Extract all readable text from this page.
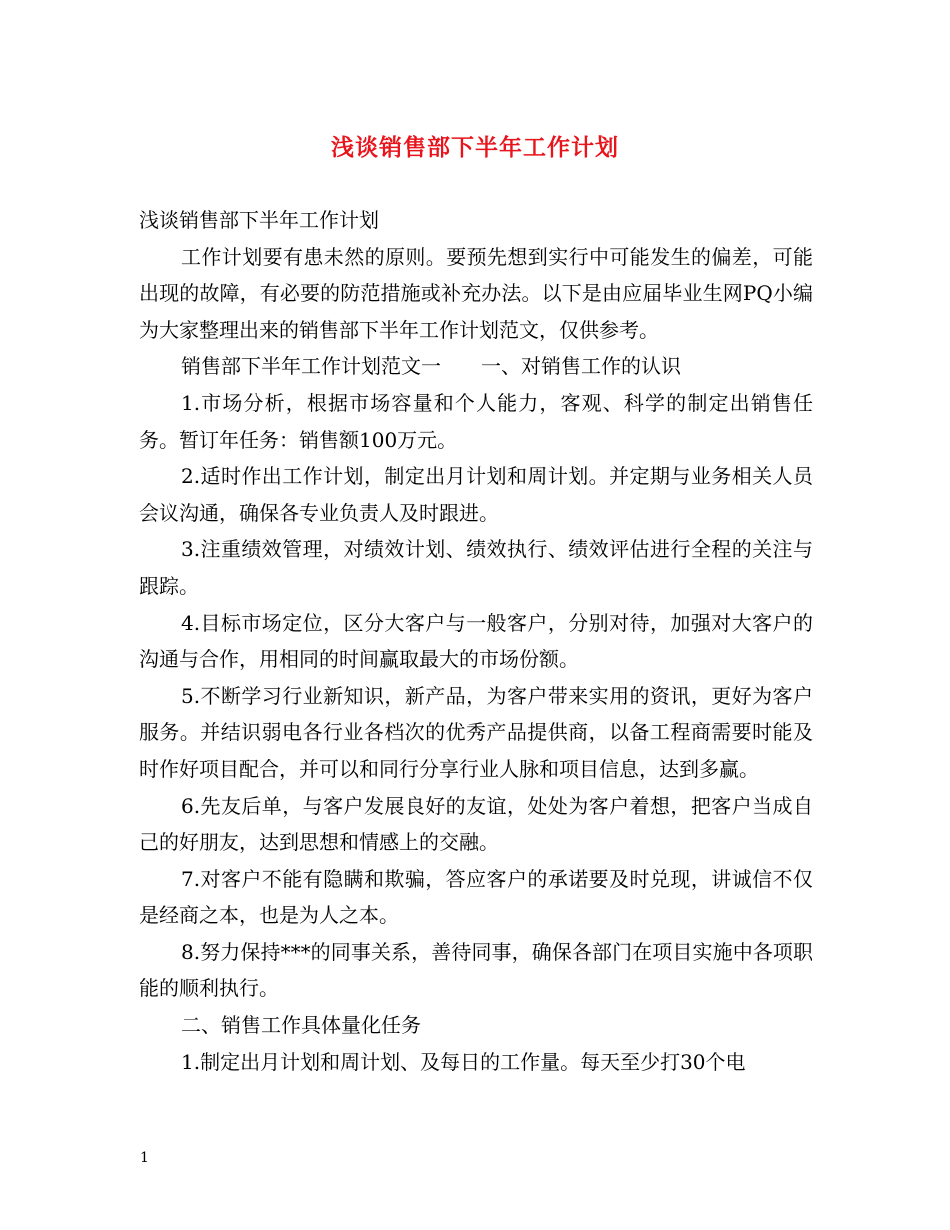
浅谈销售部下半年工作计划

浅谈销售部下半年工作计划

工作计划要有患未然的原则。要预先想到实行中可能发生的偏差，可能出现的故障，有必要的防范措施或补充办法。以下是由应届毕业生网PQ小编为大家整理出来的销售部下半年工作计划范文，仅供参考。

销售部下半年工作计划范文一　　一、对销售工作的认识

1.市场分析，根据市场容量和个人能力，客观、科学的制定出销售任务。暂订年任务：销售额100万元。

2.适时作出工作计划，制定出月计划和周计划。并定期与业务相关人员会议沟通，确保各专业负责人及时跟进。

3.注重绩效管理，对绩效计划、绩效执行、绩效评估进行全程的关注与跟踪。

4.目标市场定位，区分大客户与一般客户，分别对待，加强对大客户的沟通与合作，用相同的时间赢取最大的市场份额。

5.不断学习行业新知识，新产品，为客户带来实用的资讯，更好为客户服务。并结识弱电各行业各档次的优秀产品提供商，以备工程商需要时能及时作好项目配合，并可以和同行分享行业人脉和项目信息，达到多赢。

6.先友后单，与客户发展良好的友谊，处处为客户着想，把客户当成自己的好朋友，达到思想和情感上的交融。

7.对客户不能有隐瞒和欺骗，答应客户的承诺要及时兑现，讲诚信不仅是经商之本，也是为人之本。

8.努力保持***的同事关系，善待同事，确保各部门在项目实施中各项职能的顺利执行。

二、销售工作具体量化任务

1.制定出月计划和周计划、及每日的工作量。每天至少打30个电

1
